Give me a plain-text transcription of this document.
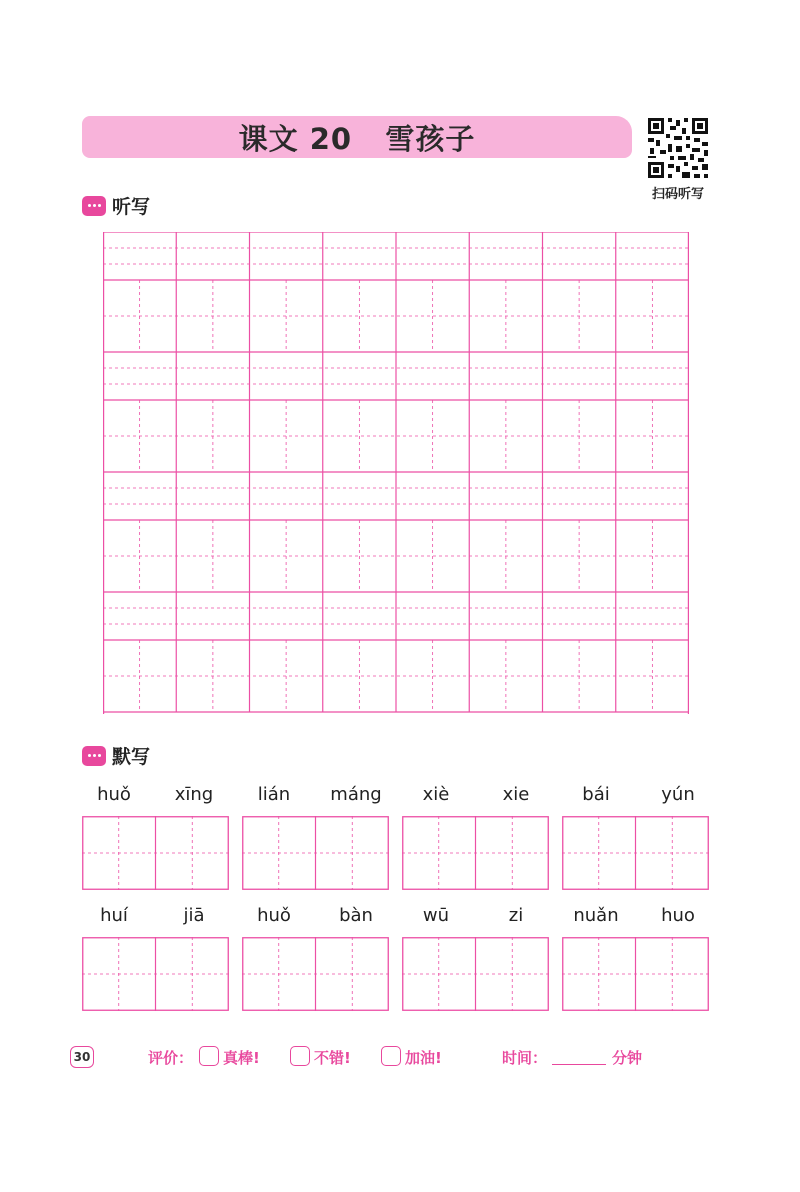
课文 20   雪孩子
扫码听写
听写
默写
huǒ	xīng	lián	máng	xiè	xie	bái	yún
huí	jiā	huǒ	bàn	wū	zi	nuǎn	huo
30	评价： 真棒!	不错!	加油!	时间：	分钟
